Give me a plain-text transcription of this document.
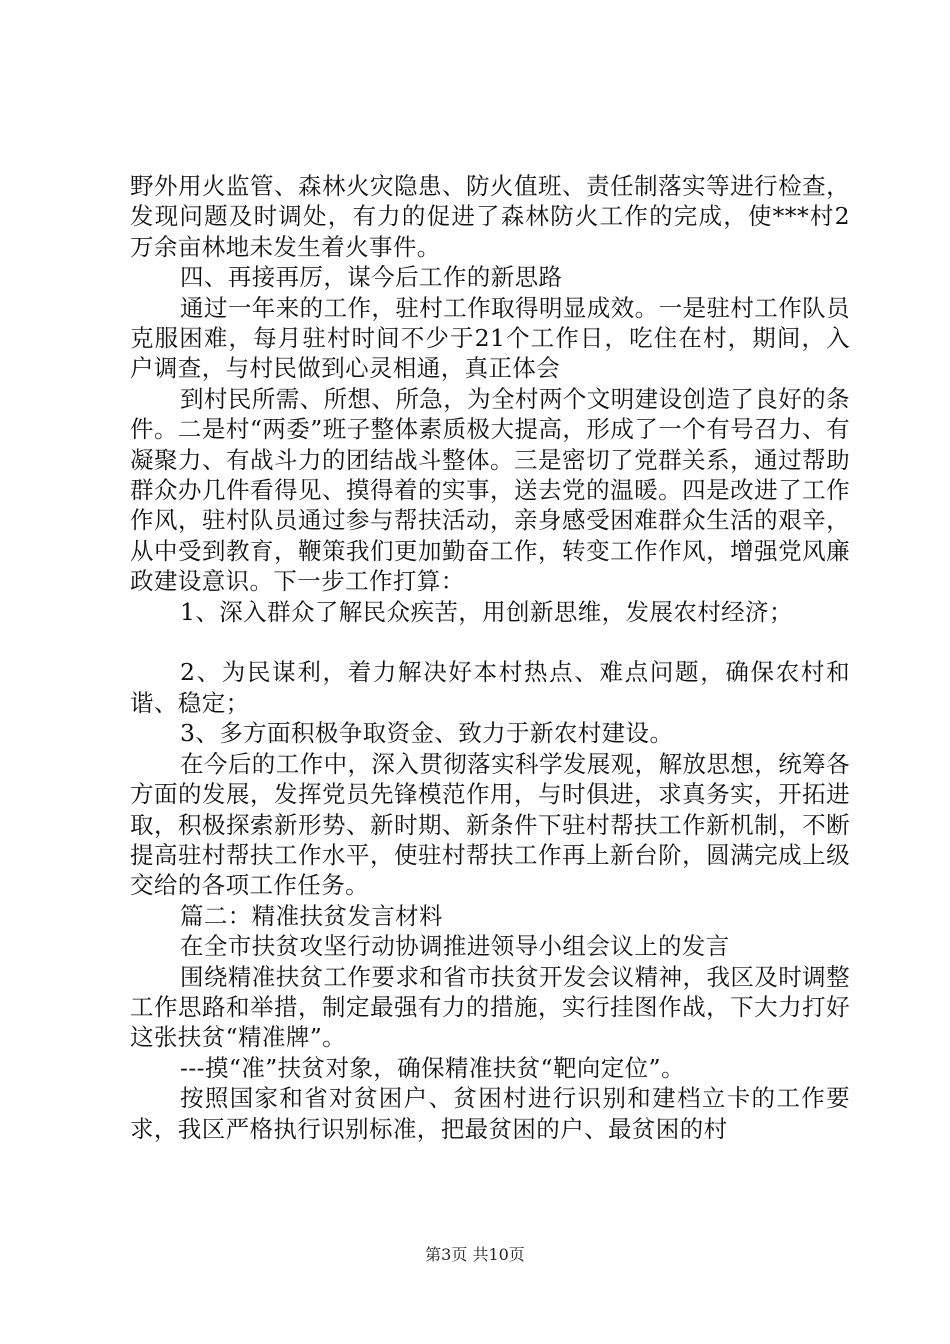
野外用火监管、森林火灾隐患、防火值班、责任制落实等进行检查，发现问题及时调处，有力的促进了森林防火工作的完成，使***村2万余亩林地未发生着火事件。

四、再接再厉，谋今后工作的新思路

通过一年来的工作，驻村工作取得明显成效。一是驻村工作队员克服困难，每月驻村时间不少于21个工作日，吃住在村，期间，入户调查，与村民做到心灵相通，真正体会

到村民所需、所想、所急，为全村两个文明建设创造了良好的条件。二是村“两委”班子整体素质极大提高，形成了一个有号召力、有凝聚力、有战斗力的团结战斗整体。三是密切了党群关系，通过帮助群众办几件看得见、摸得着的实事，送去党的温暖。四是改进了工作作风，驻村队员通过参与帮扶活动，亲身感受困难群众生活的艰辛，从中受到教育，鞭策我们更加勤奋工作，转变工作作风，增强党风廉政建设意识。下一步工作打算：

1、深入群众了解民众疾苦，用创新思维，发展农村经济；

2、为民谋利，着力解决好本村热点、难点问题，确保农村和谐、稳定；

3、多方面积极争取资金、致力于新农村建设。

在今后的工作中，深入贯彻落实科学发展观，解放思想，统筹各方面的发展，发挥党员先锋模范作用，与时俱进，求真务实，开拓进取，积极探索新形势、新时期、新条件下驻村帮扶工作新机制，不断提高驻村帮扶工作水平，使驻村帮扶工作再上新台阶，圆满完成上级交给的各项工作任务。

篇二：精准扶贫发言材料

在全市扶贫攻坚行动协调推进领导小组会议上的发言

围绕精准扶贫工作要求和省市扶贫开发会议精神，我区及时调整工作思路和举措，制定最强有力的措施，实行挂图作战，下大力打好这张扶贫“精准牌”。

---摸“准”扶贫对象，确保精准扶贫“靶向定位”。

按照国家和省对贫困户、贫困村进行识别和建档立卡的工作要求，我区严格执行识别标准，把最贫困的户、最贫困的村

第3页 共10页
